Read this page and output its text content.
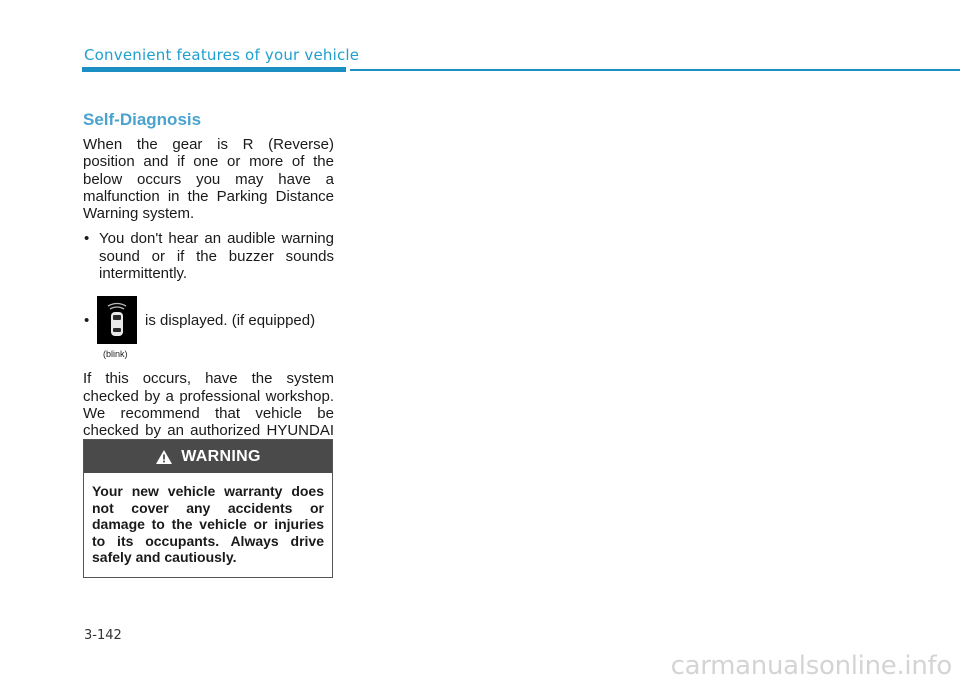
Convenient features of your vehicle
Self-Diagnosis

When the gear is R (Reverse) position and if one or more of the below occurs you may have a malfunction in the Parking Distance Warning system.

• You don't hear an audible warning sound or if the buzzer sounds intermittently.
•
(blink)
is displayed. (if equipped)

If this occurs, have the system checked by a professional workshop. We recommend that vehicle be checked by an authorized HYUNDAI

WARNING

Your new vehicle warranty does not cover any accidents or damage to the vehicle or injuries to its occupants. Always drive safely and cautiously.

3-142
carmanualsonline.info
